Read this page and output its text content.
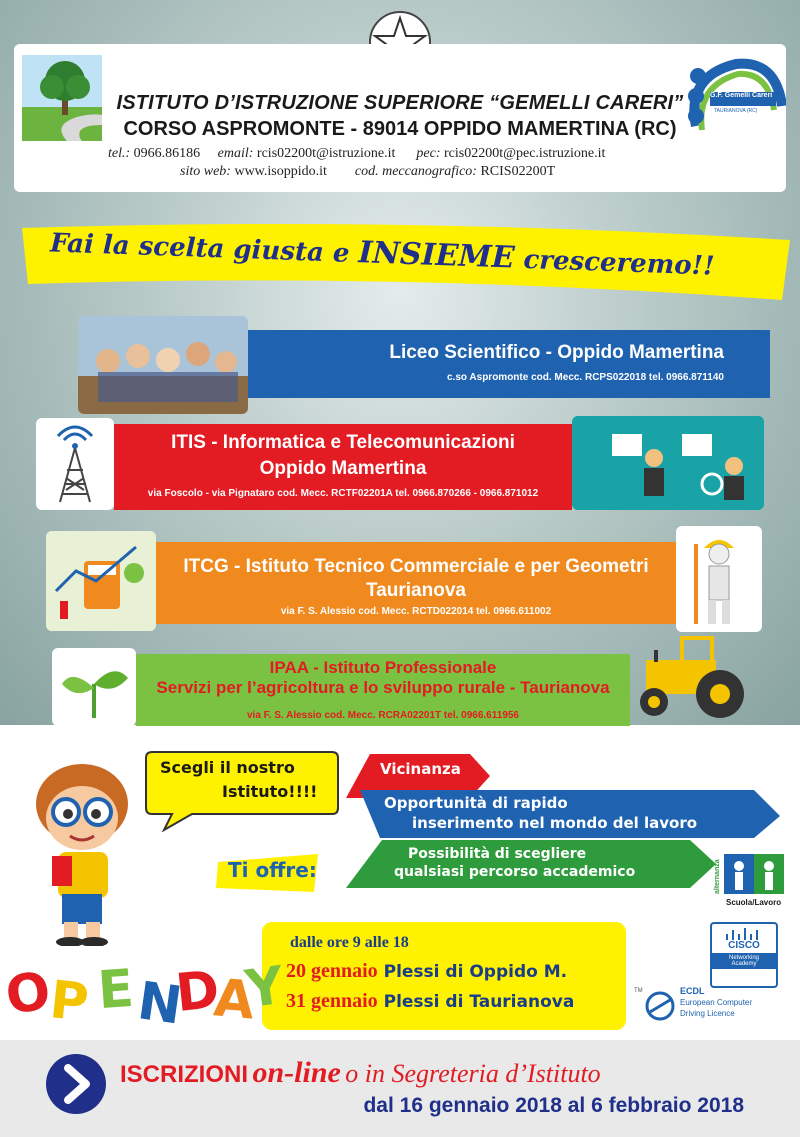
G.F. Gemelli Careri
TAURIANOVA (RC)
ISTITUTO D’ISTRUZIONE SUPERIORE “GEMELLI CARERI”
CORSO ASPROMONTE - 89014 OPPIDO MAMERTINA (RC)
tel.: 0966.86186 email: rcis02200t@istruzione.it pec: rcis02200t@pec.istruzione.it
sito web: www.isoppido.it cod. meccanografico: RCIS02200T
Fai la scelta giusta e INSIEME cresceremo!!
Liceo Scientifico - Oppido Mamertina
c.so Aspromonte cod. Mecc. RCPS022018 tel. 0966.871140
ITIS - Informatica e Telecomunicazioni
Oppido Mamertina
via Foscolo - via Pignataro cod. Mecc. RCTF02201A tel. 0966.870266 - 0966.871012
ITCG - Istituto Tecnico Commerciale e per Geometri
Taurianova
via F. S. Alessio cod. Mecc. RCTD022014 tel. 0966.611002
IPAA - Istituto Professionale
Servizi per l’agricoltura e lo sviluppo rurale - Taurianova
via F. S. Alessio cod. Mecc. RCRA02201T tel. 0966.611956
Scegli il nostro
Istituto!!!!
Ti offre:
Vicinanza
Opportunità di rapido
inserimento nel mondo del lavoro
Possibilità di scegliere
qualsiasi percorso accademico	alternanza
Scuola/Lavoro
CISCO
Networking
Academy
TM	ECDL
European Computer
Driving Licence
dalle ore 9 alle 18
20 gennaio Plessi di Oppido M.
31 gennaio Plessi di Taurianova
O
P E
N
D
A
Y
ISCRIZIONI on-line o in Segreteria d’Istituto
dal 16 gennaio 2018 al 6 febbraio 2018
